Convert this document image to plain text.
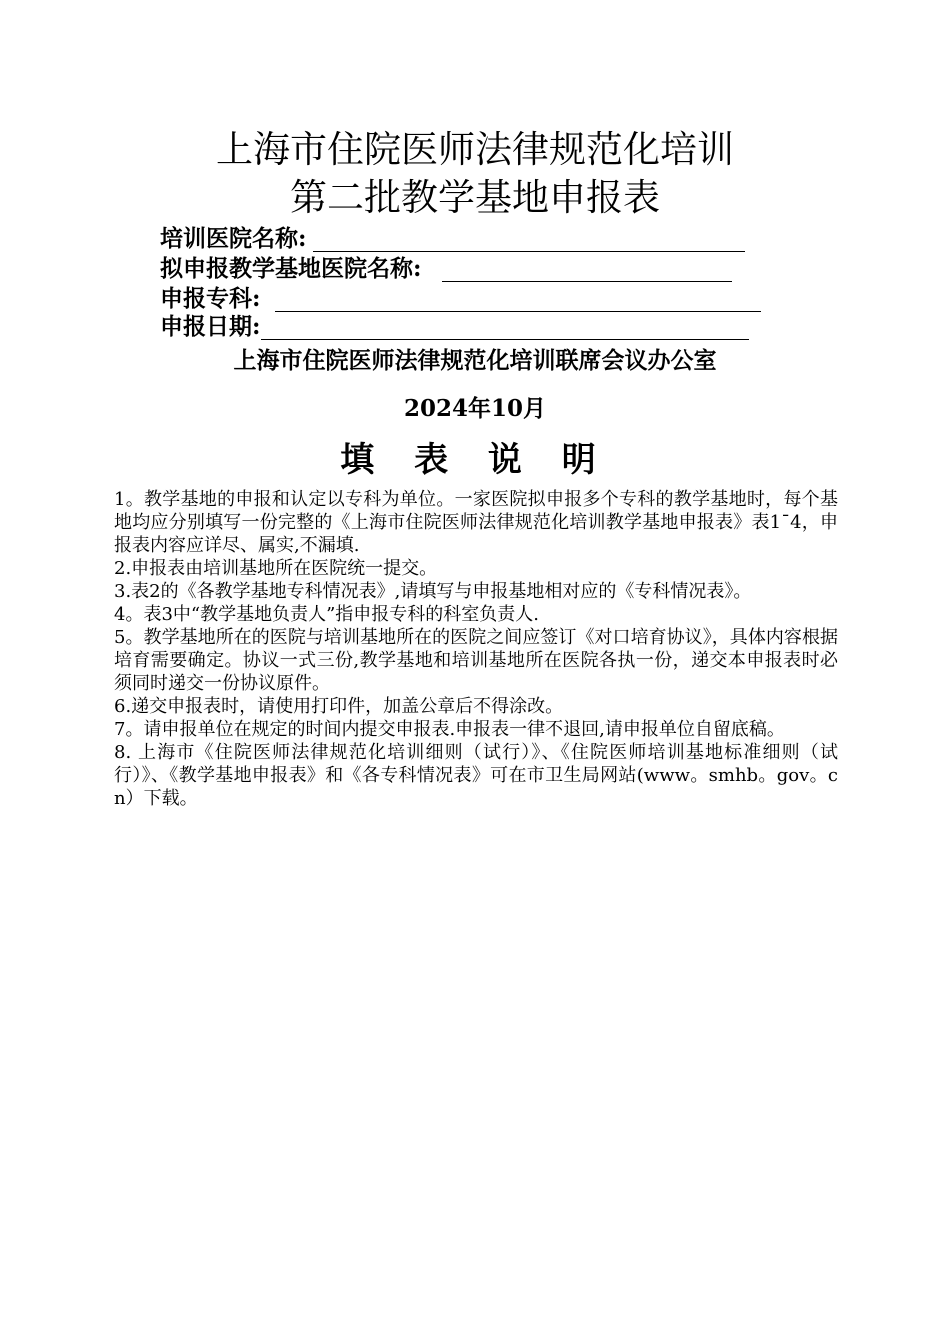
上海市住院医师法律规范化培训
第二批教学基地申报表
培训医院名称:
拟申报教学基地医院名称:
申报专科:
申报日期:
上海市住院医师法律规范化培训联席会议办公室
2024年10月
填 表 说 明

1。教学基地的申报和认定以专科为单位。一家医院拟申报多个专科的教学基地时，每个基地均应分别填写一份完整的《上海市住院医师法律规范化培训教学基地申报表》表1¯4，申报表内容应详尽、属实,不漏填.

2.申报表由培训基地所在医院统一提交。

3.表2的《各教学基地专科情况表》,请填写与申报基地相对应的《专科情况表》。

4。表3中“教学基地负责人”指申报专科的科室负责人.

5。教学基地所在的医院与培训基地所在的医院之间应签订《对口培育协议》，具体内容根据培育需要确定。协议一式三份,教学基地和培训基地所在医院各执一份，递交本申报表时必须同时递交一份协议原件。

6.递交申报表时，请使用打印件，加盖公章后不得涂改。

7。请申报单位在规定的时间内提交申报表.申报表一律不退回,请申报单位自留底稿。

8. 上海市《住院医师法律规范化培训细则（试行）》、《住院医师培训基地标准细则（试行）》、《教学基地申报表》和《各专科情况表》可在市卫生局网站(www。smhb。gov。cn）下载。
